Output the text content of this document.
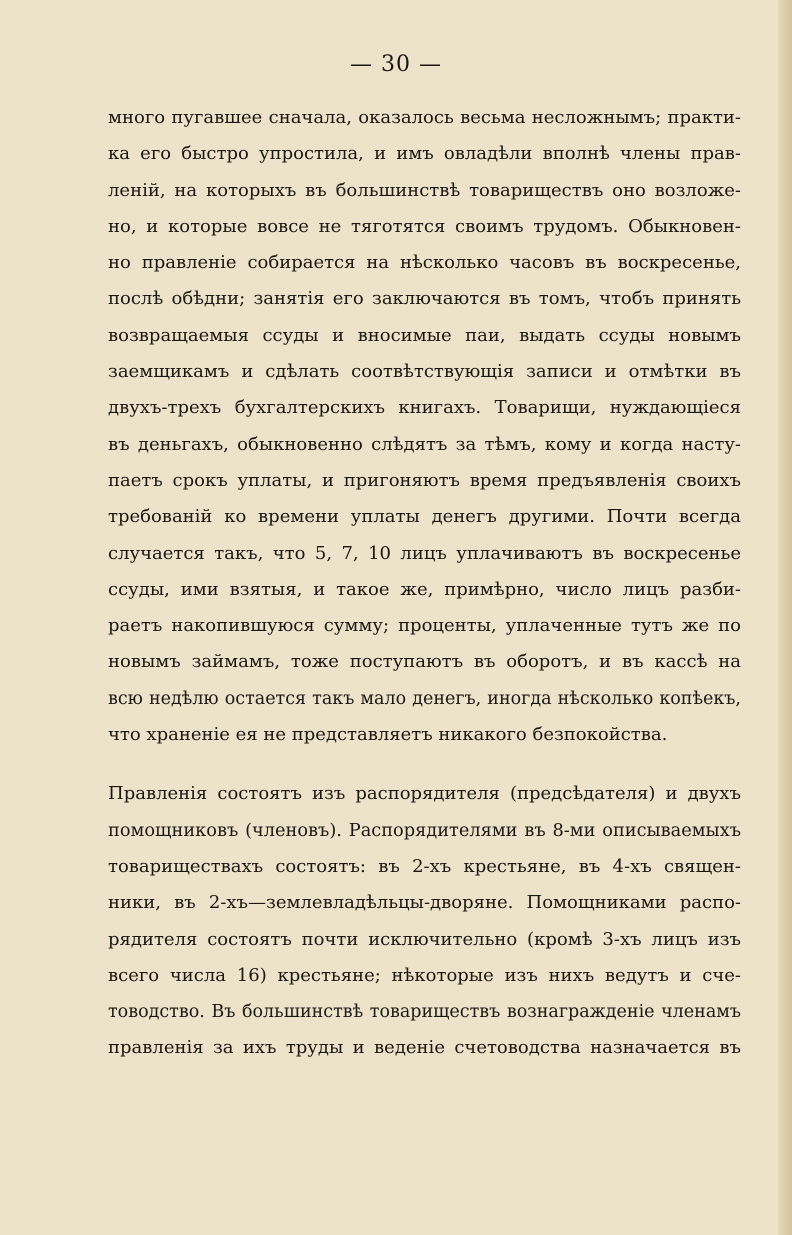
— 30 —
много пугавшее сначала, оказалось весьма несложнымъ; практи-
ка его быстро упростила, и имъ овладѣли вполнѣ члены прав-
леній, на которыхъ въ большинствѣ товариществъ оно возложе-
но, и которые вовсе не тяготятся своимъ трудомъ. Обыкновен-
но правленіе собирается на нѣсколько часовъ въ воскресенье,
послѣ обѣдни; занятія его заключаются въ томъ, чтобъ принять
возвращаемыя ссуды и вносимые паи, выдать ссуды новымъ
заемщикамъ и сдѣлать соотвѣтствующія записи и отмѣтки въ
двухъ-трехъ бухгалтерскихъ книгахъ. Товарищи, нуждающіеся
въ деньгахъ, обыкновенно слѣдятъ за тѣмъ, кому и когда насту-
паетъ срокъ уплаты, и пригоняютъ время предъявленія своихъ
требованій ко времени уплаты денегъ другими. Почти всегда
случается такъ, что 5, 7, 10 лицъ уплачиваютъ въ воскресенье
ссуды, ими взятыя, и такое же, примѣрно, число лицъ разби-
раетъ накопившуюся сумму; проценты, уплаченные тутъ же по
новымъ займамъ, тоже поступаютъ въ оборотъ, и въ кассѣ на
всю недѣлю остается такъ мало денегъ, иногда нѣсколько копѣекъ,
что храненіе ея не представляетъ никакого безпокойства.
Правленія состоятъ изъ распорядителя (предсѣдателя) и двухъ
помощниковъ (членовъ). Распорядителями въ 8-ми описываемыхъ
товариществахъ состоятъ: въ 2-хъ крестьяне, въ 4-хъ священ-
ники, въ 2-хъ—землевладѣльцы-дворяне. Помощниками распо-
рядителя состоятъ почти исключительно (кромѣ 3-хъ лицъ изъ
всего числа 16) крестьяне; нѣкоторые изъ нихъ ведутъ и сче-
товодство. Въ большинствѣ товариществъ вознагражденіе членамъ
правленія за ихъ труды и веденіе счетоводства назначается въ
